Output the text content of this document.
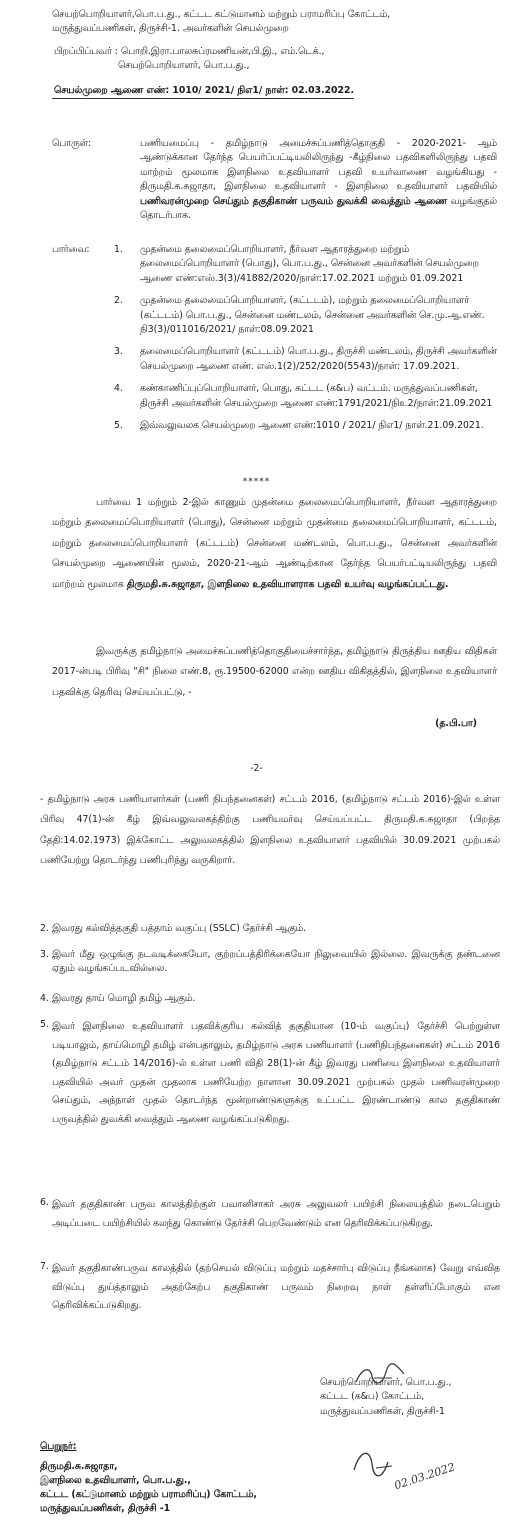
செயற்பொறியாளர்,பொ.ப.து., கட்டட கட்டுமானம் மற்றும் பராமரிப்பு கோட்டம்,

மருத்துவப்பணிகள், திருச்சி-1. அவர்களின் செயல்முறை

பிறப்பிப்பவர் : பொறி.இரா.பாலசுப்ரமணியன்,பி.இ., எம்.டெக்.,

செயற்பொறியாளர், பொ.ப.து.,

செயல்முறை ஆணை எண்: 1010/ 2021/ நிஎ1/ நாள்: 02.03.2022.

பொருள்:	பணியமைப்பு - தமிழ்நாடு அமைச்சுப்பணித்தொகுதி - 2020-2021- ஆம் ஆண்டுக்கான தேர்ந்த பெயர்ப்பட்டியலிலிருந்து -கீழ்நிலை பதவிகளிலிருந்து பதவி மாற்றம் மூலமாக இளநிலை உதவியாளர் பதவி உயர்வாணை வழங்கியது - திருமதி.சு.சுஜாதா, இளநிலை உதவியாளர் - இளநிலை உதவியாளர் பதவியில் பணிவரன்முறை செய்தும் தகுதிகாண் பருவம் துவக்கி வைத்தும் ஆணை வழங்குதல் தொடர்பாக.
பார்வை:	1. முதன்மை தலைமைப்பொறியாளர், நீர்வள ஆதாரத்துறை மற்றும் தலைமைப்பொறியாளர் (பொது), பொ.ப.து., சென்னை அவர்களின் செயல்முறை ஆணை எண்:எஸ்.3(3)/41882/2020/நாள்:17.02.2021 மற்றும் 01.09.2021
2. முதன்மை தலைமைப்பொறியாளர், (கட்டடம்), மற்றும் தலைமைப்பொறியாளர் (கட்டடம்) பொ.ப.து., சென்னை மண்டலம், சென்னை அவர்களின் செ.மு.ஆ.எண். நி3(3)/011016/2021/ நாள்:08.09.2021
3. தலைமைப்பொறியாளர் (கட்டடம்) பொ.ப.து., திருச்சி மண்டலம், திருச்சி அவர்களின் செயல்முறை ஆணை எண். எஸ்.1(2)/252/2020(5543)/நாள்: 17.09.2021.
4. கண்காணிப்புப்பொறியாளர், பொது, கட்டட (க&ப) வட்டம். மருத்துவப்பணிகள், திருச்சி அவர்களின் செயல்முறை ஆணை எண்:1791/2021/நிஉ2/நாள்:21.09.2021
5. இவ்வலுவலக செயல்முறை ஆணை எண்:1010 / 2021/ நிஎ1/ நாள்.21.09.2021.
*****
பார்வை 1 மற்றும் 2-இல் காணும் முதன்மை தலைமைப்பொறியாளர், நீர்வள ஆதாரத்துறை மற்றும் தலைமைப்பொறியாளர் (பொது), சென்னை மற்றும் முதன்மை தலைமைப்பொறியாளர், கட்டடம், மற்றும் தலைமைப்பொறியாளர் (கட்டடம்) சென்னை மண்டலம், பொ.ப.து., சென்னை அவர்களின் செயல்முறை ஆணையின் மூலம், 2020-21-ஆம் ஆண்டிற்கான தேர்ந்த பெயர்பட்டியலிருந்து பதவி மாற்றம் மூலமாக திருமதி.சு.சுஜாதா, இளநிலை உதவியாளராக பதவி உயர்வு வழங்கப்பட்டது.
இவருக்கு தமிழ்நாடு அமைச்சுப்பணித்தொகுதியைச்சார்ந்த, தமிழ்நாடு திருத்திய ஊதிய விதிகள் 2017-ன்படி பிரிவு "சி" நிலை எண்.8, ரூ.19500-62000 என்ற ஊதிய விகிதத்தில், இளநிலை உதவியாளர் பதவிக்கு தெரிவு செய்யப்பட்டு, -
(த.பி.பா)
-2-
- தமிழ்நாடு அரசு பணியாளர்கள் (பணி நிபந்தனைகள்) சட்டம் 2016, (தமிழ்நாடு சட்டம் 2016)-இல் உள்ள பிரிவு 47(1)-ன் கீழ் இவ்வலுவலகத்திற்கு பணியமர்வு செய்யப்பட்ட திருமதி.சு.சுஜாதா (பிறந்த தேதி:14.02.1973) இக்கோட்ட அலுவலகத்தில் இளநிலை உதவியாளர் பதவியில் 30.09.2021 முற்பகல் பணியேற்று தொடர்ந்து பணிபுரிந்து வருகிறார்.
2. இவரது கல்வித்தகுதி பத்தாம் வகுப்பு (SSLC) தேர்ச்சி ஆகும்.
3. இவர் மீது ஒழுங்கு நடவடிக்கையோ, குற்றப்பத்திரிக்கையோ நிலுவையில் இல்லை. இவருக்கு தண்டனை ஏதும் வழங்கப்படவில்லை.
4. இவரது தாய் மொழி தமிழ் ஆகும்.
5. இவர் இளநிலை உதவியாளர் பதவிக்குரிய கல்வித் தகுதியான (10-ம் வகுப்பு) தேர்ச்சி பெற்றுள்ள படியாலும், தாய்மொழி தமிழ் என்பதாலும், தமிழ்நாடு அரசு பணியாளர் (பணிநிபந்தனைகள்) சட்டம் 2016 (தமிழ்நாடு சட்டம் 14/2016)-ல் உள்ள பணி விதி 28(1)-ன் கீழ் இவரது பணியை இளநிலை உதவியாளர் பதவியில் அவர் முதன் முதலாக பணியேற்ற நாளான 30.09.2021 முற்பகல் முதல் பணிவரன்முறை செய்தும், அந்நாள் முதல் தொடர்ந்த மூன்றாண்டுகளுக்கு உட்பட்ட இரண்டாண்டு கால தகுதிகாண் பருவத்தில் துவக்கி வைத்தும் ஆணை வழங்கப்படுகிறது.
6. இவர் தகுதிகாண் பருவ காலத்திற்குள் பவானிசாகர் அரசு அலுவலர் பயிற்சி நிலையத்தில் நடைபெறும் அடிப்படை பயிற்சியில் கலந்து கொண்டு தேர்ச்சி பெறவேண்டும் என தெரிவிக்கப்படுகிறது.
7. இவர் தகுதிகாண்பருவ காலத்தில் (தற்செயல் விடுப்பு மற்றும் மதச்சார்பு விடுப்பு நீங்கலாக) வேறு எவ்வித விடுப்பு துய்த்தாலும் அதற்கேற்ப தகுதிகாண் பருவம் நிறைவு நாள் தள்ளிப்போகும் என தெரிவிக்கப்படுகிறது.

செயற்பொறியாளர், பொ.ப.து.,

கட்டட (க&ப) கோட்டம்,

மருத்துவப்பணிகள், திருச்சி-1

02.03.2022

பெறுநர்:

திருமதி.சு.சுஜாதா,

இளநிலை உதவியாளர், பொ.ப.து.,

கட்டட (கட்டுமானம் மற்றும் பராமரிப்பு) கோட்டம்,

மருத்துவப்பணிகள், திருச்சி -1
